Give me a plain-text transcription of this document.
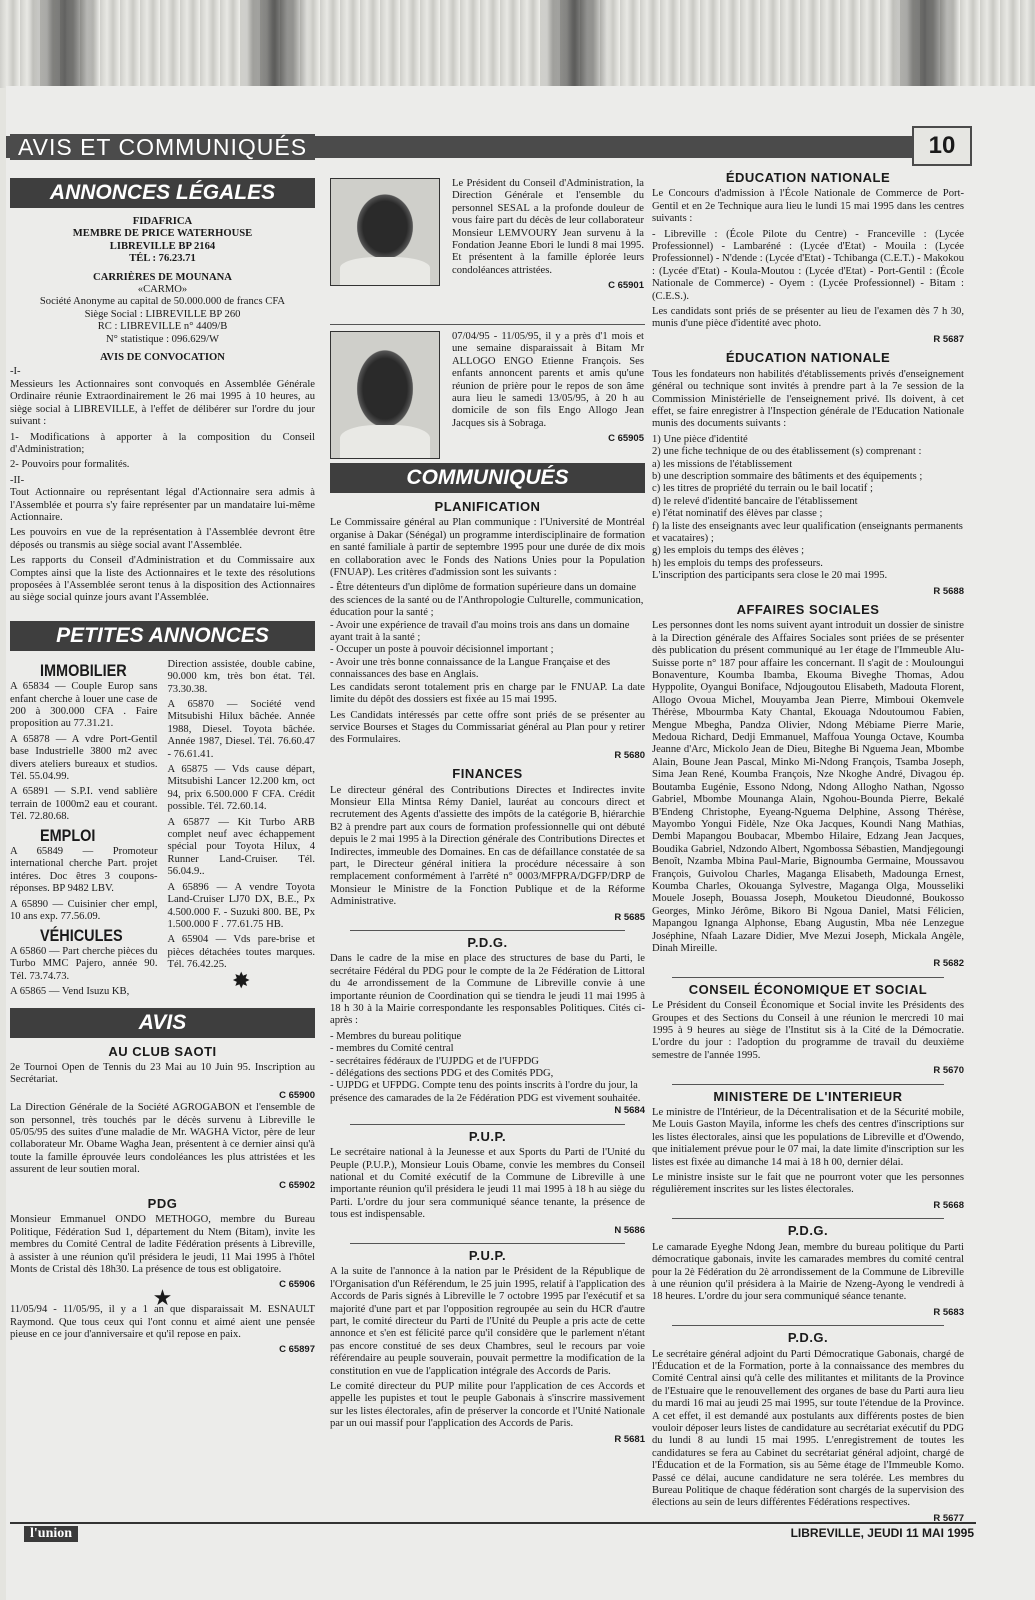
AVIS ET COMMUNIQUÉS	10
ANNONCES LÉGALES
FIDAFRICA
MEMBRE DE PRICE WATERHOUSE
LIBREVILLE BP 2164
TÉL : 76.23.71
CARRIÈRES DE MOUNANA
«CARMO»
Société Anonyme au capital de 50.000.000 de francs CFA
Siège Social : LIBREVILLE BP 260
RC : LIBREVILLE n° 4409/B
N° statistique : 096.629/W
AVIS DE CONVOCATION
-I-

Messieurs les Actionnaires sont convoqués en Assemblée Générale Ordinaire réunie Extraordinairement le 26 mai 1995 à 10 heures, au siège social à LIBREVILLE, à l'effet de délibérer sur l'ordre du jour suivant :

1- Modifications à apporter à la composition du Conseil d'Administration;

2- Pouvoirs pour formalités.

-II-

Tout Actionnaire ou représentant légal d'Actionnaire sera admis à l'Assemblée et pourra s'y faire représenter par un mandataire lui-même Actionnaire.

Les pouvoirs en vue de la représentation à l'Assemblée devront être déposés ou transmis au siège social avant l'Assemblée.

Les rapports du Conseil d'Administration et du Commissaire aux Comptes ainsi que la liste des Actionnaires et le texte des résolutions proposées à l'Assemblée seront tenus à la disposition des Actionnaires au siège social quinze jours avant l'Assemblée.

PETITES ANNONCES
IMMOBILIER

A 65834 — Couple Europ sans enfant cherche à louer une case de 200 à 300.000 CFA . Faire proposition au 77.31.21.

A 65878 — A vdre Port-Gentil base Industrielle 3800 m2 avec divers ateliers bureaux et studios. Tél. 55.04.99.

A 65891 — S.P.I. vend sablière terrain de 1000m2 eau et courant. Tél. 72.80.68.

EMPLOI

A 65849 — Promoteur international cherche Part. projet intéres. Doc êtres 3 coupons-réponses. BP 9482 LBV.

A 65890 — Cuisinier cher empl, 10 ans exp. 77.56.09.

VÉHICULES

A 65860 — Part cherche pièces du Turbo MMC Pajero, année 90. Tél. 73.74.73.

A 65865 — Vend Isuzu KB,

Direction assistée, double cabine, 90.000 km, très bon état. Tél. 73.30.38.

A 65870 — Société vend Mitsubishi Hilux bâchée. Année 1988, Diesel. Toyota bâchée. Année 1987, Diesel. Tél. 76.60.47 - 76.61.41.

A 65875 — Vds cause départ, Mitsubishi Lancer 12.200 km, oct 94, prix 6.500.000 F CFA. Crédit possible. Tél. 72.60.14.

A 65877 — Kit Turbo ARB complet neuf avec échappement spécial pour Toyota Hilux, 4 Runner Land-Cruiser. Tél. 56.04.9..

A 65896 — A vendre Toyota Land-Cruiser LJ70 DX, B.E., Px 4.500.000 F. - Suzuki 800. BE, Px 1.500.000 F . 77.61.75 HB.

A 65904 — Vds pare-brise et pièces détachées toutes marques. Tél. 76.42.25.

✸
AVIS
AU CLUB SAOTI

2e Tournoi Open de Tennis du 23 Mai au 10 Juin 95. Inscription au Secrétariat.

C 65900

La Direction Générale de la Société AGROGABON et l'ensemble de son personnel, très touchés par le décès survenu à Libreville le 05/05/95 des suites d'une maladie de Mr. WAGHA Victor, père de leur collaborateur Mr. Obame Wagha Jean, présentent à ce dernier ainsi qu'à toute la famille éprouvée leurs condoléances les plus attristées et les assurent de leur soutien moral.

C 65902
PDG

Monsieur Emmanuel ONDO METHOGO, membre du Bureau Politique, Fédération Sud 1, département du Ntem (Bitam), invite les membres du Comité Central de ladite Fédération présents à Libreville, à assister à une réunion qu'il présidera le jeudi, 11 Mai 1995 à l'hôtel Monts de Cristal dès 18h30. La présence de tous est obligatoire.

C 65906
★

11/05/94 - 11/05/95, il y a 1 an que disparaissait M. ESNAULT Raymond. Que tous ceux qui l'ont connu et aimé aient une pensée pieuse en ce jour d'anniversaire et qu'il repose en paix.

C 65897

Le Président du Conseil d'Administration, la Direction Générale et l'ensemble du personnel SESAL a la profonde douleur de vous faire part du décès de leur collaborateur Monsieur LEMVOURY Jean survenu à la Fondation Jeanne Ebori le lundi 8 mai 1995. Et présentent à la famille éplorée leurs condoléances attristées.

C 65901

07/04/95 - 11/05/95, il y a près d'1 mois et une semaine disparaissait à Bitam Mr ALLOGO ENGO Etienne François. Ses enfants annoncent parents et amis qu'une réunion de prière pour le repos de son âme aura lieu le samedi 13/05/95, à 20 h au domicile de son fils Engo Allogo Jean Jacques sis à Sobraga.

C 65905
COMMUNIQUÉS
PLANIFICATION

Le Commissaire général au Plan communique : l'Université de Montréal organise à Dakar (Sénégal) un programme interdisciplinaire de formation en santé familiale à partir de septembre 1995 pour une durée de dix mois en collaboration avec le Fonds des Nations Unies pour la Population (FNUAP). Les critères d'admission sont les suivants :

- Être détenteurs d'un diplôme de formation supérieure dans un domaine des sciences de la santé ou de l'Anthropologie Culturelle, communication, éducation pour la santé ;
- Avoir une expérience de travail d'au moins trois ans dans un domaine ayant trait à la santé ;
- Occuper un poste à pouvoir décisionnel important ;
- Avoir une très bonne connaissance de la Langue Française et des connaissances des base en Anglais.

Les candidats seront totalement pris en charge par le FNUAP. La date limite du dépôt des dossiers est fixée au 15 mai 1995.

Les Candidats intéressés par cette offre sont priés de se présenter au service Bourses et Stages du Commissariat général au Plan pour y retirer des Formulaires.

R 5680
FINANCES

Le directeur général des Contributions Directes et Indirectes invite Monsieur Ella Mintsa Rémy Daniel, lauréat au concours direct et recrutement des Agents d'assiette des impôts de la catégorie B, hiérarchie B2 à prendre part aux cours de formation professionnelle qui ont débuté depuis le 2 mai 1995 à la Direction générale des Contributions Directes et Indirectes, immeuble des Domaines. En cas de défaillance constatée de sa part, le Directeur général initiera la procédure nécessaire à son remplacement conformément à l'arrêté n° 0003/MFPRA/DGFP/DRP de Monsieur le Ministre de la Fonction Publique et de la Réforme Administrative.

R 5685
P.D.G.

Dans le cadre de la mise en place des structures de base du Parti, le secrétaire Fédéral du PDG pour le compte de la 2e Fédération de Littoral du 4e arrondissement de la Commune de Libreville convie à une importante réunion de Coordination qui se tiendra le jeudi 11 mai 1995 à 18 h 30 à la Mairie correspondante les responsables Politiques. Cités ci-après :

- Membres du bureau politique
- membres du Comité central
- secrétaires fédéraux de l'UJPDG et de l'UFPDG
- délégations des sections PDG et des Comités PDG,
- UJPDG et UFPDG. Compte tenu des points inscrits à l'ordre du jour, la présence des camarades de la 2e Fédération PDG est vivement souhaitée.
N 5684
P.U.P.

Le secrétaire national à la Jeunesse et aux Sports du Parti de l'Unité du Peuple (P.U.P.), Monsieur Louis Obame, convie les membres du Conseil national et du Comité exécutif de la Commune de Libreville à une importante réunion qu'il présidera le jeudi 11 mai 1995 à 18 h au siège du Parti. L'ordre du jour sera communiqué séance tenante, la présence de tous est indispensable.

N 5686
P.U.P.

A la suite de l'annonce à la nation par le Président de la République de l'Organisation d'un Référendum, le 25 juin 1995, relatif à l'application des Accords de Paris signés à Libreville le 7 octobre 1995 par l'exécutif et sa majorité d'une part et par l'opposition regroupée au sein du HCR d'autre part, le comité directeur du Parti de l'Unité du Peuple a pris acte de cette annonce et s'en est félicité parce qu'il considère que le parlement n'étant pas encore constitué de ses deux Chambres, seul le recours par voie référendaire au peuple souverain, pouvait permettre la modification de la constitution en vue de l'application intégrale des Accords de Paris.

Le comité directeur du PUP milite pour l'application de ces Accords et appelle les pupistes et tout le peuple Gabonais à s'inscrire massivement sur les listes électorales, afin de préserver la concorde et l'Unité Nationale par un oui massif pour l'application des Accords de Paris.

R 5681
ÉDUCATION NATIONALE

Le Concours d'admission à l'École Nationale de Commerce de Port-Gentil et en 2e Technique aura lieu le lundi 15 mai 1995 dans les centres suivants :

- Libreville : (École Pilote du Centre) - Franceville : (Lycée Professionnel) - Lambaréné : (Lycée d'Etat) - Mouila : (Lycée Professionnel) - N'dende : (Lycée d'Etat) - Tchibanga (C.E.T.) - Makokou : (Lycée d'Etat) - Koula-Moutou : (Lycée d'Etat) - Port-Gentil : (École Nationale de Commerce) - Oyem : (Lycée Professionnel) - Bitam : (C.E.S.).

Les candidats sont priés de se présenter au lieu de l'examen dès 7 h 30, munis d'une pièce d'identité avec photo.

R 5687
ÉDUCATION NATIONALE

Tous les fondateurs non habilités d'établissements privés d'enseignement général ou technique sont invités à prendre part à la 7e session de la Commission Ministérielle de l'enseignement privé. Ils doivent, à cet effet, se faire enregistrer à l'Inspection générale de l'Education Nationale munis des documents suivants :

1) Une pièce d'identité
2) une fiche technique de ou des établissement (s) comprenant :
a) les missions de l'établissement
b) une description sommaire des bâtiments et des équipements ;
c) les titres de propriété du terrain ou le bail locatif ;
d) le relevé d'identité bancaire de l'établissement
e) l'état nominatif des élèves par classe ;
f) la liste des enseignants avec leur qualification (enseignants permanents et vacataires) ;
g) les emplois du temps des élèves ;
h) les emplois du temps des professeurs.

L'inscription des participants sera close le 20 mai 1995.

R 5688
AFFAIRES SOCIALES

Les personnes dont les noms suivent ayant introduit un dossier de sinistre à la Direction générale des Affaires Sociales sont priées de se présenter dès publication du présent communiqué au 1er étage de l'Immeuble Alu-Suisse porte n° 187 pour affaire les concernant. Il s'agit de : Mouloungui Bonaventure, Koumba Ibamba, Ekouma Biveghe Thomas, Adou Hyppolite, Oyangui Boniface, Ndjougoutou Elisabeth, Madouta Florent, Allogo Ovoua Michel, Mouyamba Jean Pierre, Mimboui Okemvele Thérèse, Mbourmba Katy Chantal, Ekouaga Ndoutoumou Fabien, Mengue Mbegha, Pandza Olivier, Ndong Mébiame Pierre Marie, Medoua Richard, Dedji Emmanuel, Maffoua Younga Octave, Koumba Jeanne d'Arc, Mickolo Jean de Dieu, Biteghe Bi Nguema Jean, Mbombe Alain, Boune Jean Pascal, Minko Mi-Ndong François, Tsamba Joseph, Sima Jean René, Koumba François, Nze Nkoghe André, Divagou ép. Boutamba Eugénie, Essono Ndong, Ndong Allogho Nathan, Ngosso Gabriel, Mbombe Mounanga Alain, Ngohou-Bounda Pierre, Bekalé B'Endeng Christophe, Eyeang-Nguema Delphine, Assong Thérèse, Mayombo Yongui Fidèle, Nze Oka Jacques, Koundi Nang Mathias, Dembi Mapangou Boubacar, Mbembo Hilaire, Edzang Jean Jacques, Boudika Gabriel, Ndzondo Albert, Ngombossa Sébastien, Mandjegoungi Benoît, Nzamba Mbina Paul-Marie, Bignoumba Germaine, Moussavou François, Guivolou Charles, Maganga Elisabeth, Madounga Ernest, Koumba Charles, Okouanga Sylvestre, Maganga Olga, Mousseliki Mouele Joseph, Bouassa Joseph, Mouketou Dieudonné, Boukosso Georges, Minko Jérôme, Bikoro Bi Ngoua Daniel, Matsi Félicien, Mapangou Ignanga Alphonse, Ebang Augustin, Mba née Lenzegue Joséphine, Nfaah Lazare Didier, Mve Mezui Joseph, Mickala Angèle, Dinah Mireille.

R 5682
CONSEIL ÉCONOMIQUE ET SOCIAL

Le Président du Conseil Économique et Social invite les Présidents des Groupes et des Sections du Conseil à une réunion le mercredi 10 mai 1995 à 9 heures au siège de l'Institut sis à la Cité de la Démocratie. L'ordre du jour : l'adoption du programme de travail du deuxième semestre de l'année 1995.

R 5670
MINISTERE DE L'INTERIEUR

Le ministre de l'Intérieur, de la Décentralisation et de la Sécurité mobile, Me Louis Gaston Mayila, informe les chefs des centres d'inscriptions sur les listes électorales, ainsi que les populations de Libreville et d'Owendo, que initialement prévue pour le 07 mai, la date limite d'inscription sur les listes est fixée au dimanche 14 mai à 18 h 00, dernier délai.

Le ministre insiste sur le fait que ne pourront voter que les personnes régulièrement inscrites sur les listes électorales.

R 5668
P.D.G.

Le camarade Eyeghe Ndong Jean, membre du bureau politique du Parti démocratique gabonais, invite les camarades membres du comité central pour la 2è Fédération du 2è arrondissement de la Commune de Libreville à une réunion qu'il présidera à la Mairie de Nzeng-Ayong le vendredi à 18 heures. L'ordre du jour sera communiqué séance tenante.

R 5683
P.D.G.

Le secrétaire général adjoint du Parti Démocratique Gabonais, chargé de l'Éducation et de la Formation, porte à la connaissance des membres du Comité Central ainsi qu'à celle des militantes et militants de la Province de l'Estuaire que le renouvellement des organes de base du Parti aura lieu du mardi 16 mai au jeudi 25 mai 1995, sur toute l'étendue de la Province. A cet effet, il est demandé aux postulants aux différents postes de bien vouloir déposer leurs listes de candidature au secrétariat exécutif du PDG du lundi 8 au lundi 15 mai 1995. L'enregistrement de toutes les candidatures se fera au Cabinet du secrétariat général adjoint, chargé de l'Éducation et de la Formation, sis au 5ème étage de l'Immeuble Komo. Passé ce délai, aucune candidature ne sera tolérée. Les membres du Bureau Politique de chaque fédération sont chargés de la supervision des élections au sein de leurs différentes Fédérations respectives.

R 5677
l'union	LIBREVILLE, JEUDI 11 MAI 1995
